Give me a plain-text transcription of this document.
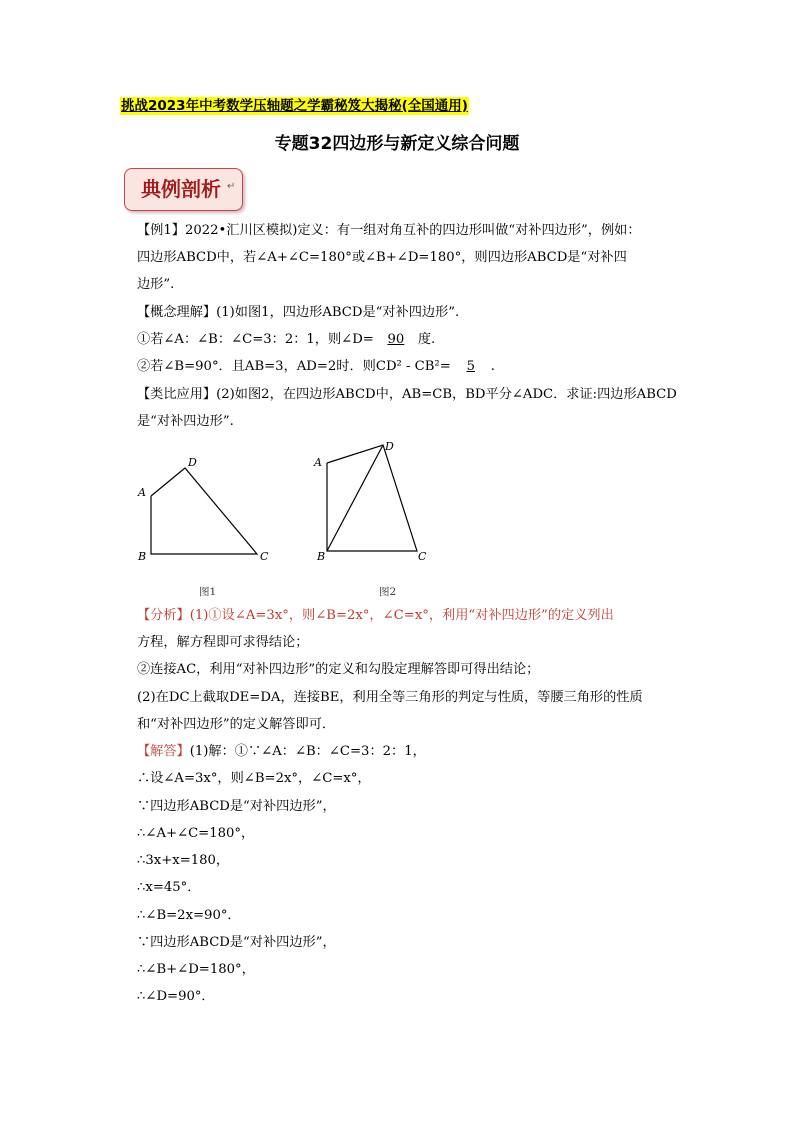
挑战2023年中考数学压轴题之学霸秘笈大揭秘(全国通用)
专题32四边形与新定义综合问题
典例剖析 ↵
【例1】2022•汇川区模拟)定义：有一组对角互补的四边形叫做“对补四边形”，例如：
四边形ABCD中，若∠A+∠C=180°或∠B+∠D=180°，则四边形ABCD是“对补四
边形”.
【概念理解】(1)如图1，四边形ABCD是“对补四边形”.
①若∠A：∠B：∠C=3：2：1，则∠D= 90 度.
②若∠B=90°．且AB=3，AD=2时．则CD² - CB²= 5 .
【类比应用】(2)如图2，在四边形ABCD中，AB=CB，BD平分∠ADC．求证:四边形ABCD
是“对补四边形”.
A
B	C
D
图1
A
B	C
D
图2
【分析】(1)①设∠A=3x°，则∠B=2x°，∠C=x°，利用“对补四边形”的定义列出
方程，解方程即可求得结论；
②连接AC，利用“对补四边形”的定义和勾股定理解答即可得出结论；
(2)在DC上截取DE=DA，连接BE，利用全等三角形的判定与性质，等腰三角形的性质
和“对补四边形”的定义解答即可．
【解答】(1)解：①∵∠A：∠B：∠C=3：2：1，
∴设∠A=3x°，则∠B=2x°，∠C=x°，
∵四边形ABCD是“对补四边形”，
∴∠A+∠C=180°，
∴3x+x=180，
∴x=45°．
∴∠B=2x=90°．
∵四边形ABCD是“对补四边形”，
∴∠B+∠D=180°，
∴∠D=90°．
